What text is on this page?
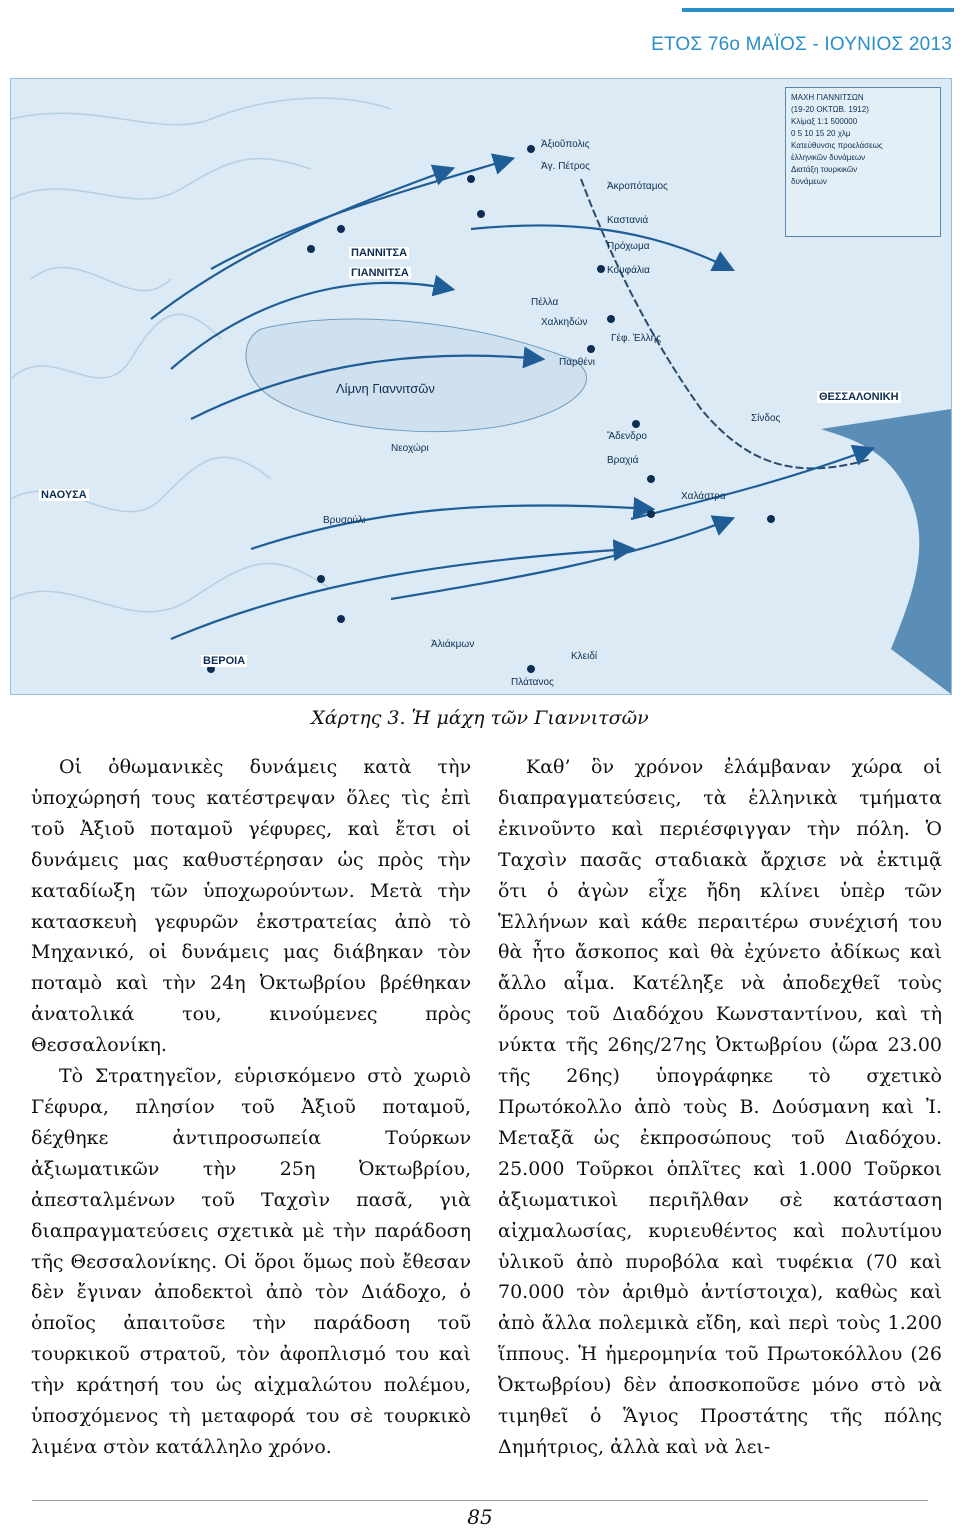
ΕΤΟΣ 76ο ΜΑΪΟΣ - ΙΟΥΝΙΟΣ 2013
ΜΑΧΗ ΓΙΑΝΝΙΤΣΩΝ
(19-20 ΟΚΤΩΒ. 1912)
Κλίμαξ 1:1 500000
0 5 10 15 20 χλμ
Κατεύθυνσις προελάσεως
ἑλληνικῶν δυνάμεων
Διατάξη τουρκικῶν
δυνάμεων
ΘΕΣΣΑΛΟΝΙΚΗ
ΓΙΑΝΝΙΤΣΑ
ΠΑΝΝΙΤΣΑ
ΒΕΡΟΙΑ
ΝΑΟΥΣΑ
Λίμνη Γιαννιτσῶν
Ἀξιοῦπολις
Ἀγ. Πέτρος
Ἀκροπόταμος
Καστανιά
Πρόχωμα
Κουφάλια
Πέλλα
Χαλκηδών
Γέφ. Ἑλλής
Παρθένι
Σίνδος
Ἄδενδρο
Βραχιά
Χαλάστρα
Νεοχώρι
Βρυσούλι
Πλάτανος
Κλειδί
Ἀλιάκμων
Χάρτης 3. Ἡ μάχη τῶν Γιαννιτσῶν

Οἱ ὀθωμανικὲς δυνάμεις κατὰ τὴν ὑποχώρησή τους κατέστρεψαν ὅλες τὶς ἐπὶ τοῦ Ἀξιοῦ ποταμοῦ γέφυρες, καὶ ἔτσι οἱ δυνάμεις μας καθυστέρησαν ὡς πρὸς τὴν καταδίωξη τῶν ὑποχωρούντων. Μετὰ τὴν κατασκευὴ γεφυρῶν ἐκστρατείας ἀπὸ τὸ Μηχανικό, οἱ δυνάμεις μας διάβηκαν τὸν ποταμὸ καὶ τὴν 24η Ὀκτωβρίου βρέθηκαν ἀνατολικά του, κινούμενες πρὸς Θεσσαλονίκη.

Τὸ Στρατηγεῖον, εὑρισκόμενο στὸ χωριὸ Γέφυρα, πλησίον τοῦ Ἀξιοῦ ποταμοῦ, δέχθηκε ἀντιπροσωπεία Τούρκων ἀξιωματικῶν τὴν 25η Ὀκτωβρίου, ἀπεσταλμένων τοῦ Ταχσὶν πασᾶ, γιὰ διαπραγματεύσεις σχετικὰ μὲ τὴν παράδοση τῆς Θεσσαλονίκης. Οἱ ὅροι ὅμως ποὺ ἔθεσαν δὲν ἔγιναν ἀποδεκτοὶ ἀπὸ τὸν Διάδοχο, ὁ ὁποῖος ἀπαιτοῦσε τὴν παράδοση τοῦ τουρκικοῦ στρατοῦ, τὸν ἀφοπλισμό του καὶ τὴν κράτησή του ὡς αἰχμαλώτου πολέμου, ὑποσχόμενος τὴ μεταφορά του σὲ τουρκικὸ λιμένα στὸν κατάλληλο χρόνο.

Καθ’ ὃν χρόνον ἐλάμβαναν χώρα οἱ διαπραγματεύσεις, τὰ ἑλληνικὰ τμήματα ἐκινοῦντο καὶ περιέσφιγγαν τὴν πόλη. Ὁ Ταχσὶν πασᾶς σταδιακὰ ἄρχισε νὰ ἐκτιμᾷ ὅτι ὁ ἀγὼν εἶχε ἤδη κλίνει ὑπὲρ τῶν Ἑλλήνων καὶ κάθε περαιτέρω συνέχισή του θὰ ἦτο ἄσκοπος καὶ θὰ ἐχύνετο ἀδίκως καὶ ἄλλο αἷμα. Κατέληξε νὰ ἀποδεχθεῖ τοὺς ὅρους τοῦ Διαδόχου Κωνσταντίνου, καὶ τὴ νύκτα τῆς 26ης/27ης Ὀκτωβρίου (ὥρα 23.00 τῆς 26ης) ὑπογράφηκε τὸ σχετικὸ Πρωτόκολλο ἀπὸ τοὺς Β. Δούσμανη καὶ Ἰ. Μεταξᾶ ὡς ἐκπροσώπους τοῦ Διαδόχου. 25.000 Τοῦρκοι ὁπλῖτες καὶ 1.000 Τοῦρκοι ἀξιωματικοὶ περιῆλθαν σὲ κατάσταση αἰχμαλωσίας, κυριευθέντος καὶ πολυτίμου ὑλικοῦ ἀπὸ πυροβόλα καὶ τυφέκια (70 καὶ 70.000 τὸν ἀριθμὸ ἀντίστοιχα), καθὼς καὶ ἀπὸ ἄλλα πολεμικὰ εἴδη, καὶ περὶ τοὺς 1.200 ἵππους. Ἡ ἡμερομηνία τοῦ Πρωτοκόλλου (26 Ὀκτωβρίου) δὲν ἀποσκοποῦσε μόνο στὸ νὰ τιμηθεῖ ὁ Ἅγιος Προστάτης τῆς πόλης Δημήτριος, ἀλλὰ καὶ νὰ λει-

85
